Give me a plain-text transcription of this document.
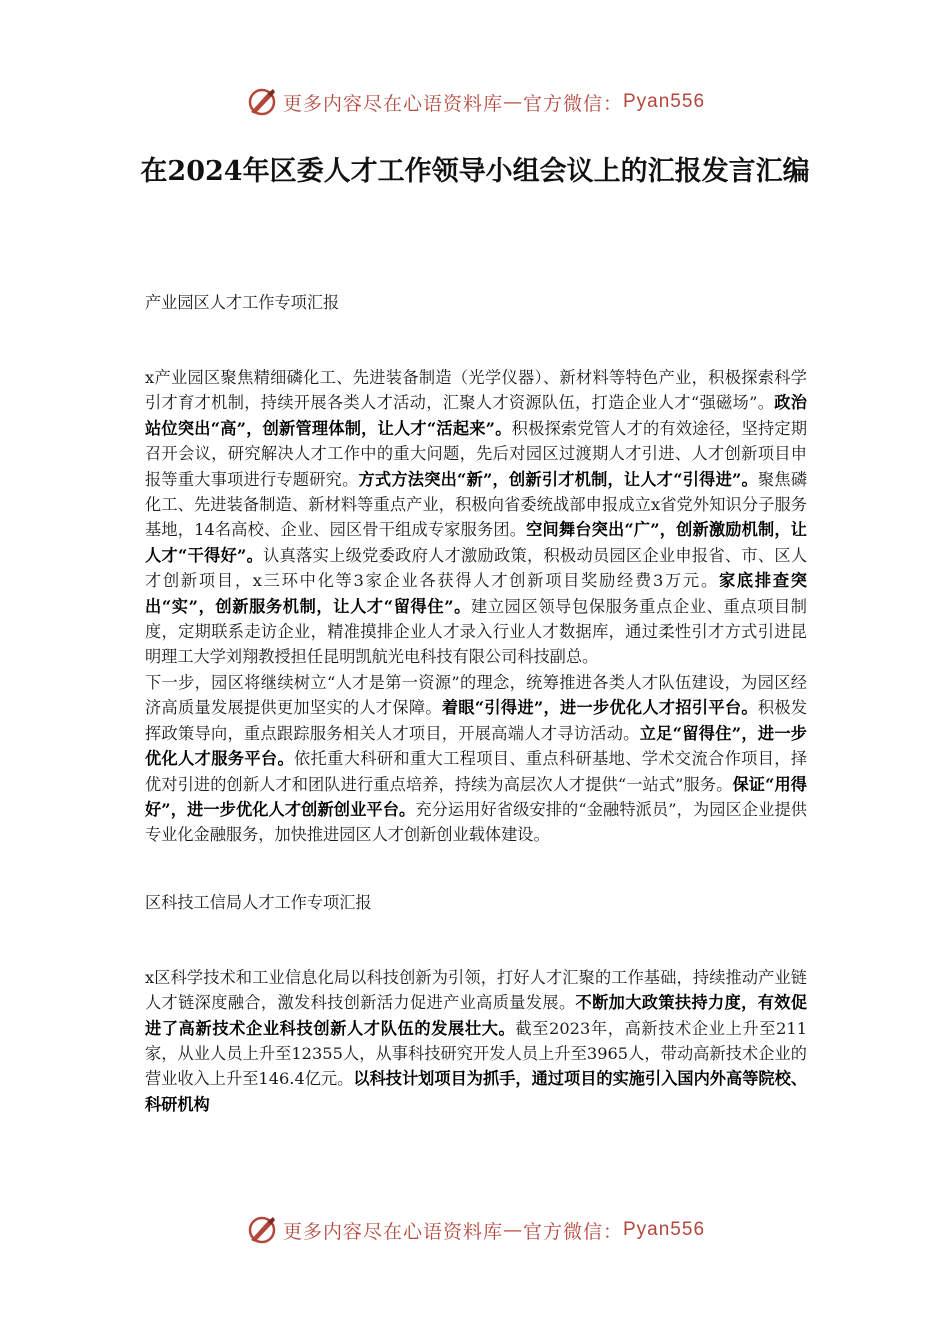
更多内容尽在心语资料库 — 官方微信： Pyan556
在2024年区委人才工作领导小组会议上的汇报发言汇编

产业园区人才工作专项汇报

x产业园区聚焦精细磷化工、先进装备制造（光学仪器）、新材料等特色产业，积极探索科学引才育才机制，持续开展各类人才活动，汇聚人才资源队伍，打造企业人才“强磁场”。政治站位突出“高”，创新管理体制，让人才“活起来”。积极探索党管人才的有效途径，坚持定期召开会议，研究解决人才工作中的重大问题，先后对园区过渡期人才引进、人才创新项目申报等重大事项进行专题研究。方式方法突出“新”，创新引才机制，让人才“引得进”。聚焦磷化工、先进装备制造、新材料等重点产业，积极向省委统战部申报成立x省党外知识分子服务基地，14名高校、企业、园区骨干组成专家服务团。空间舞台突出“广”，创新激励机制，让人才“干得好”。认真落实上级党委政府人才激励政策，积极动员园区企业申报省、市、区人才创新项目，x三环中化等3家企业各获得人才创新项目奖励经费3万元。家底排查突出“实”，创新服务机制，让人才“留得住”。建立园区领导包保服务重点企业、重点项目制度，定期联系走访企业，精准摸排企业人才录入行业人才数据库，通过柔性引才方式引进昆明理工大学刘翔教授担任昆明凯航光电科技有限公司科技副总。

下一步，园区将继续树立“人才是第一资源”的理念，统筹推进各类人才队伍建设，为园区经济高质量发展提供更加坚实的人才保障。着眼“引得进”，进一步优化人才招引平台。积极发挥政策导向，重点跟踪服务相关人才项目，开展高端人才寻访活动。立足“留得住”，进一步优化人才服务平台。依托重大科研和重大工程项目、重点科研基地、学术交流合作项目，择优对引进的创新人才和团队进行重点培养，持续为高层次人才提供“一站式”服务。保证“用得好”，进一步优化人才创新创业平台。充分运用好省级安排的“金融特派员”，为园区企业提供专业化金融服务，加快推进园区人才创新创业载体建设。

区科技工信局人才工作专项汇报

x区科学技术和工业信息化局以科技创新为引领，打好人才汇聚的工作基础，持续推动产业链人才链深度融合，激发科技创新活力促进产业高质量发展。不断加大政策扶持力度，有效促进了高新技术企业科技创新人才队伍的发展壮大。截至2023年，高新技术企业上升至211家，从业人员上升至12355人，从事科技研究开发人员上升至3965人，带动高新技术企业的营业收入上升至146.4亿元。以科技计划项目为抓手，通过项目的实施引入国内外高等院校、科研机构

更多内容尽在心语资料库 — 官方微信： Pyan556
